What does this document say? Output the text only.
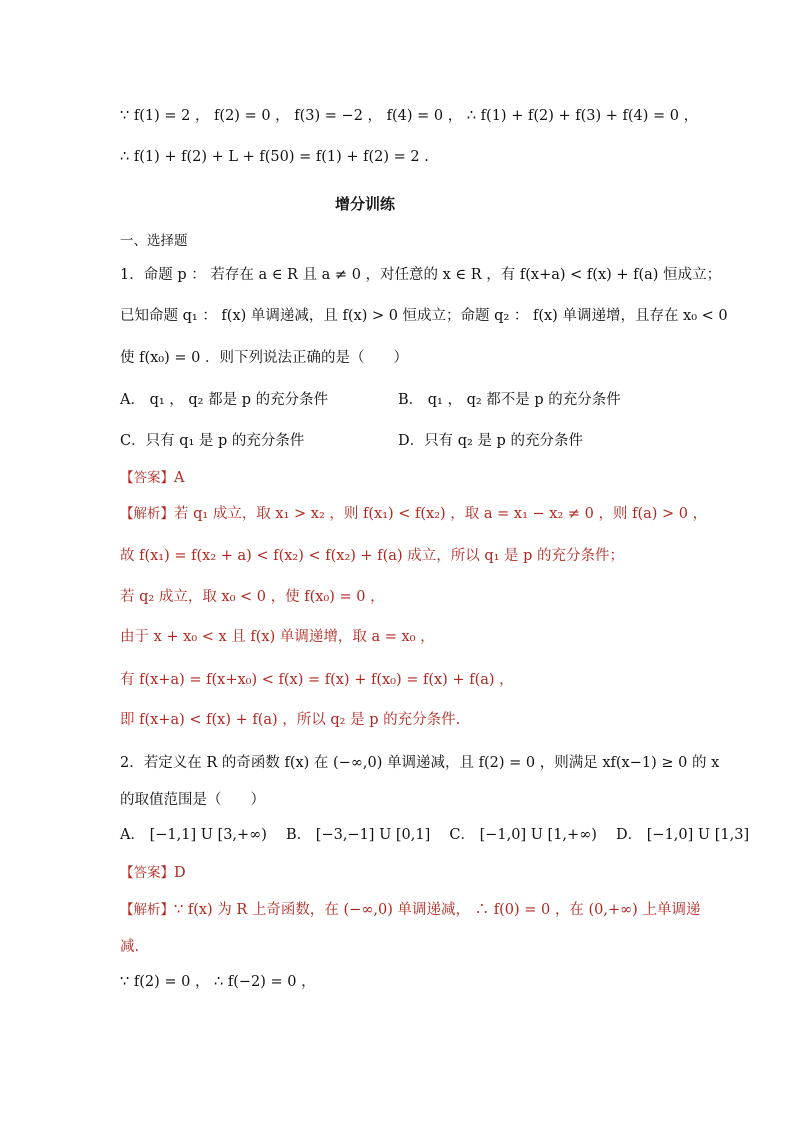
∵ f(1) = 2 ， f(2) = 0 ， f(3) = −2 ， f(4) = 0 ， ∴ f(1) + f(2) + f(3) + f(4) = 0 ，
∴ f(1) + f(2) + L + f(50) = f(1) + f(2) = 2 .
增分训练
一、选择题
1．命题 p ： 若存在 a ∈ R 且 a ≠ 0 ，对任意的 x ∈ R ，有 f(x+a) < f(x) + f(a) 恒成立；
已知命题 q₁ ： f(x) 单调递减，且 f(x) > 0 恒成立；命题 q₂ ： f(x) 单调递增，且存在 x₀ < 0
使 f(x₀) = 0 ．则下列说法正确的是（　　）
A． q₁ ， q₂ 都是 p 的充分条件	B． q₁ ， q₂ 都不是 p 的充分条件
C．只有 q₁ 是 p 的充分条件	D．只有 q₂ 是 p 的充分条件
【答案】A
【解析】若 q₁ 成立，取 x₁ > x₂ ，则 f(x₁) < f(x₂) ，取 a = x₁ − x₂ ≠ 0 ，则 f(a) > 0 ，
故 f(x₁) = f(x₂ + a) < f(x₂) < f(x₂) + f(a) 成立，所以 q₁ 是 p 的充分条件；
若 q₂ 成立，取 x₀ < 0 ，使 f(x₀) = 0 ，
由于 x + x₀ < x 且 f(x) 单调递增，取 a = x₀ ，
有 f(x+a) = f(x+x₀) < f(x) = f(x) + f(x₀) = f(x) + f(a) ，
即 f(x+a) < f(x) + f(a) ，所以 q₂ 是 p 的充分条件.
2．若定义在 R 的奇函数 f(x) 在 (−∞,0) 单调递减，且 f(2) = 0 ，则满足 xf(x−1) ≥ 0 的 x
的取值范围是（　　）
A． [−1,1] U [3,+∞)　 B． [−3,−1] U [0,1]　 C． [−1,0] U [1,+∞)　 D． [−1,0] U [1,3]
【答案】D
【解析】∵ f(x) 为 R 上奇函数，在 (−∞,0) 单调递减， ∴ f(0) = 0 ，在 (0,+∞) 上单调递
减.
∵ f(2) = 0 ， ∴ f(−2) = 0 ，
